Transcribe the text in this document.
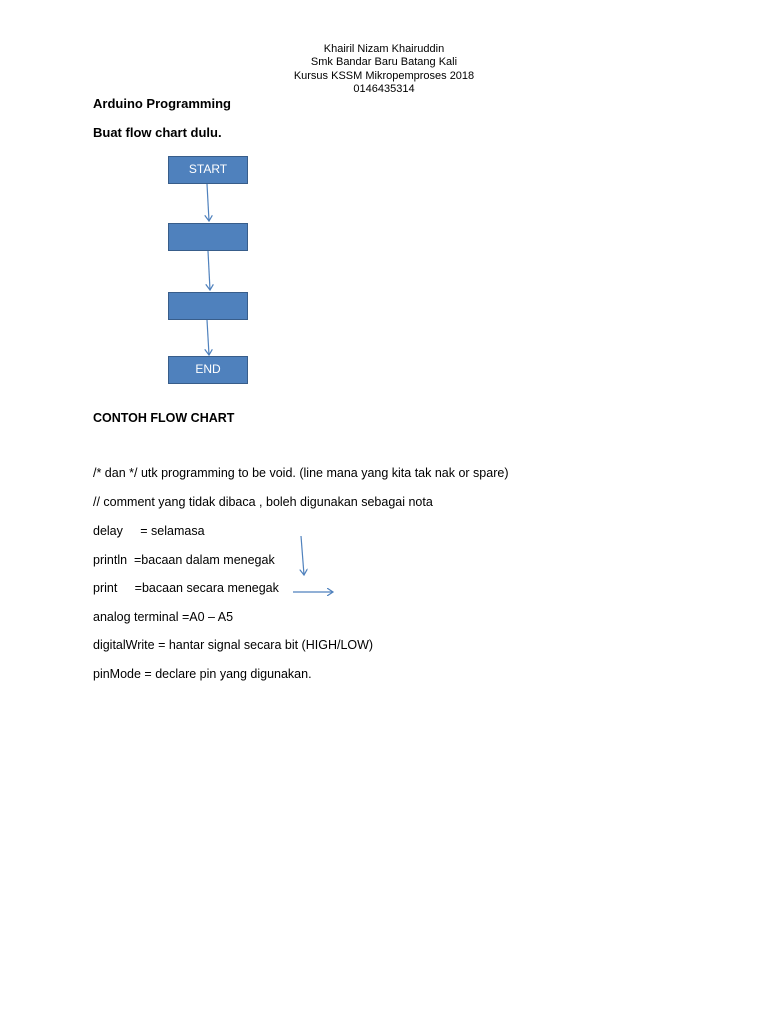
Khairil Nizam Khairuddin
Smk Bandar Baru Batang Kali
Kursus KSSM Mikropemproses 2018
0146435314
Arduino Programming
Buat flow chart dulu.
START
END
CONTOH FLOW CHART
/* dan */ utk programming to be void. (line mana yang kita tak nak or spare)
// comment yang tidak dibaca , boleh digunakan sebagai nota
delay     = selamasa
println  =bacaan dalam menegak
print     =bacaan secara menegak
analog terminal =A0 – A5
digitalWrite = hantar signal secara bit (HIGH/LOW)
pinMode = declare pin yang digunakan.
